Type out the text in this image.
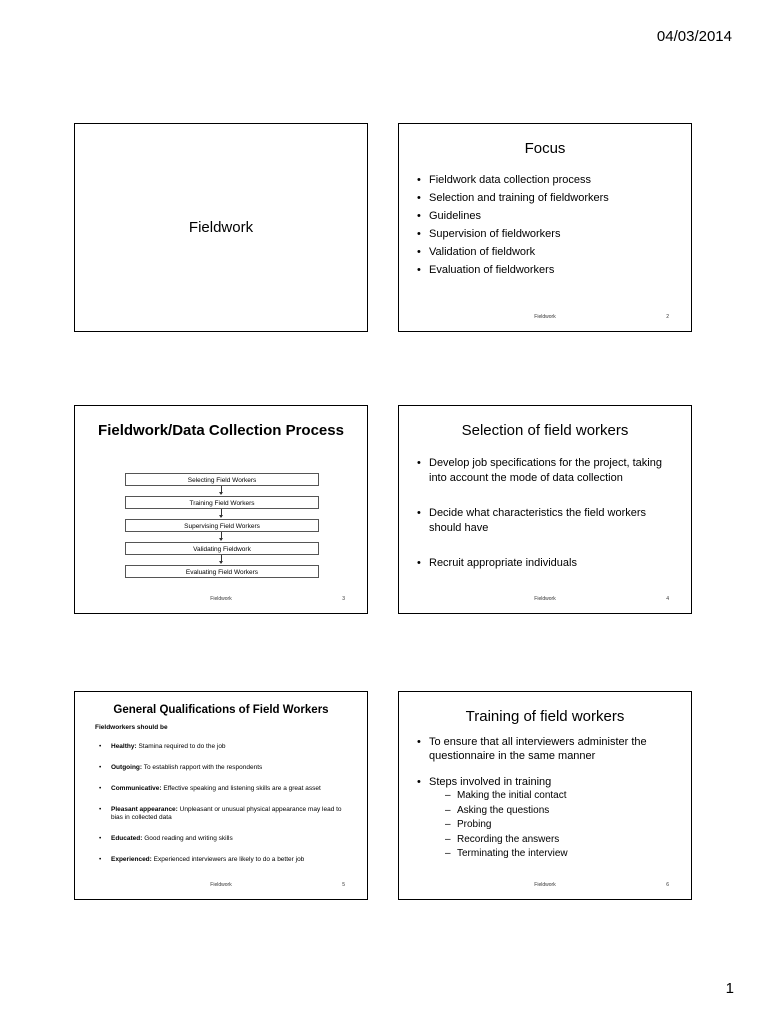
04/03/2014
Fieldwork
Focus
• Fieldwork data collection process
• Selection and training of fieldworkers
• Guidelines
• Supervision of fieldworkers
• Validation of fieldwork
• Evaluation of fieldworkers
Fieldwork	2
Fieldwork/Data Collection Process
Selecting Field Workers
Training Field Workers
Supervising Field Workers
Validating Fieldwork
Evaluating Field Workers
Fieldwork	3
Selection of field workers
• Develop job specifications for the project, taking into account the mode of data collection
• Decide what characteristics the field workers should have
• Recruit appropriate individuals
Fieldwork	4
General Qualifications of Field Workers
Fieldworkers should be
• Healthy: Stamina required to do the job
• Outgoing: To establish rapport with the respondents
• Communicative: Effective speaking and listening skills are a great asset
• Pleasant appearance: Unpleasant or unusual physical appearance may lead to bias in collected data
• Educated: Good reading and writing skills
• Experienced: Experienced interviewers are likely to do a better job
Fieldwork	5
Training of field workers
• To ensure that all interviewers administer the questionnaire in the same manner
• Steps involved in training
– Making the initial contact
– Asking the questions
– Probing
– Recording the answers
– Terminating the interview
Fieldwork	6
1
